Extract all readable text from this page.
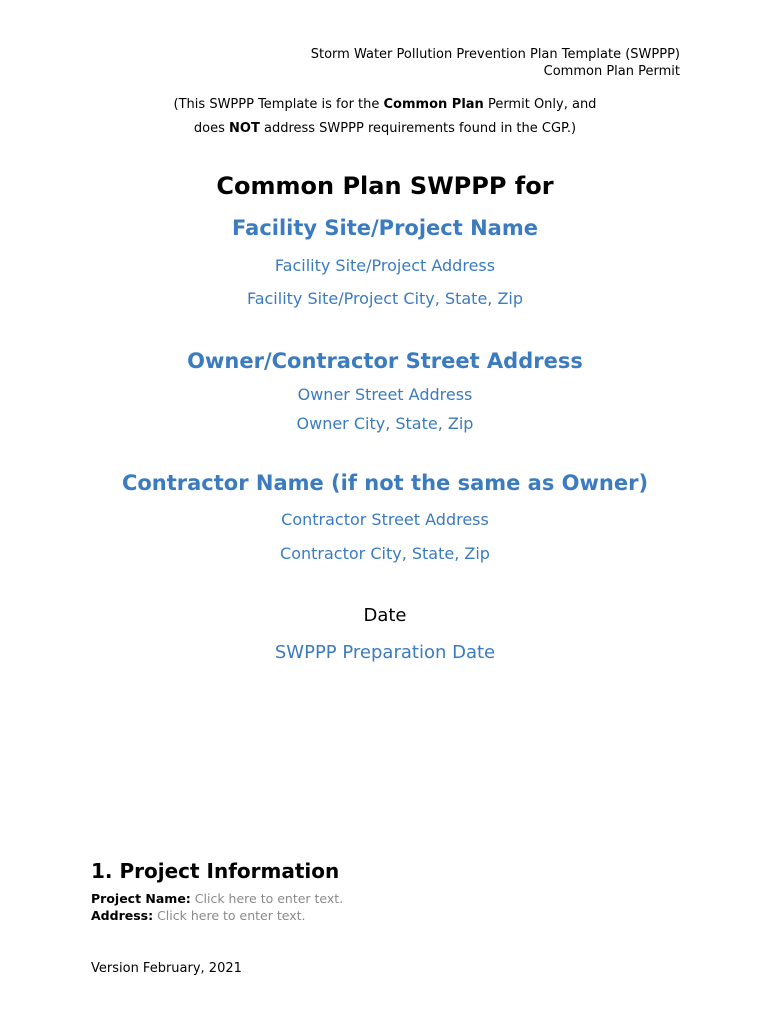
Storm Water Pollution Prevention Plan Template (SWPPP)
Common Plan Permit
(This SWPPP Template is for the Common Plan Permit Only, and
does NOT address SWPPP requirements found in the CGP.)
Common Plan SWPPP for
Facility Site/Project Name
Facility Site/Project Address
Facility Site/Project City, State, Zip
Owner/Contractor Street Address
Owner Street Address
Owner City, State, Zip
Contractor Name (if not the same as Owner)
Contractor Street Address
Contractor City, State, Zip
Date
SWPPP Preparation Date
1. Project Information
Project Name: Click here to enter text.
Address: Click here to enter text.
Version February, 2021
